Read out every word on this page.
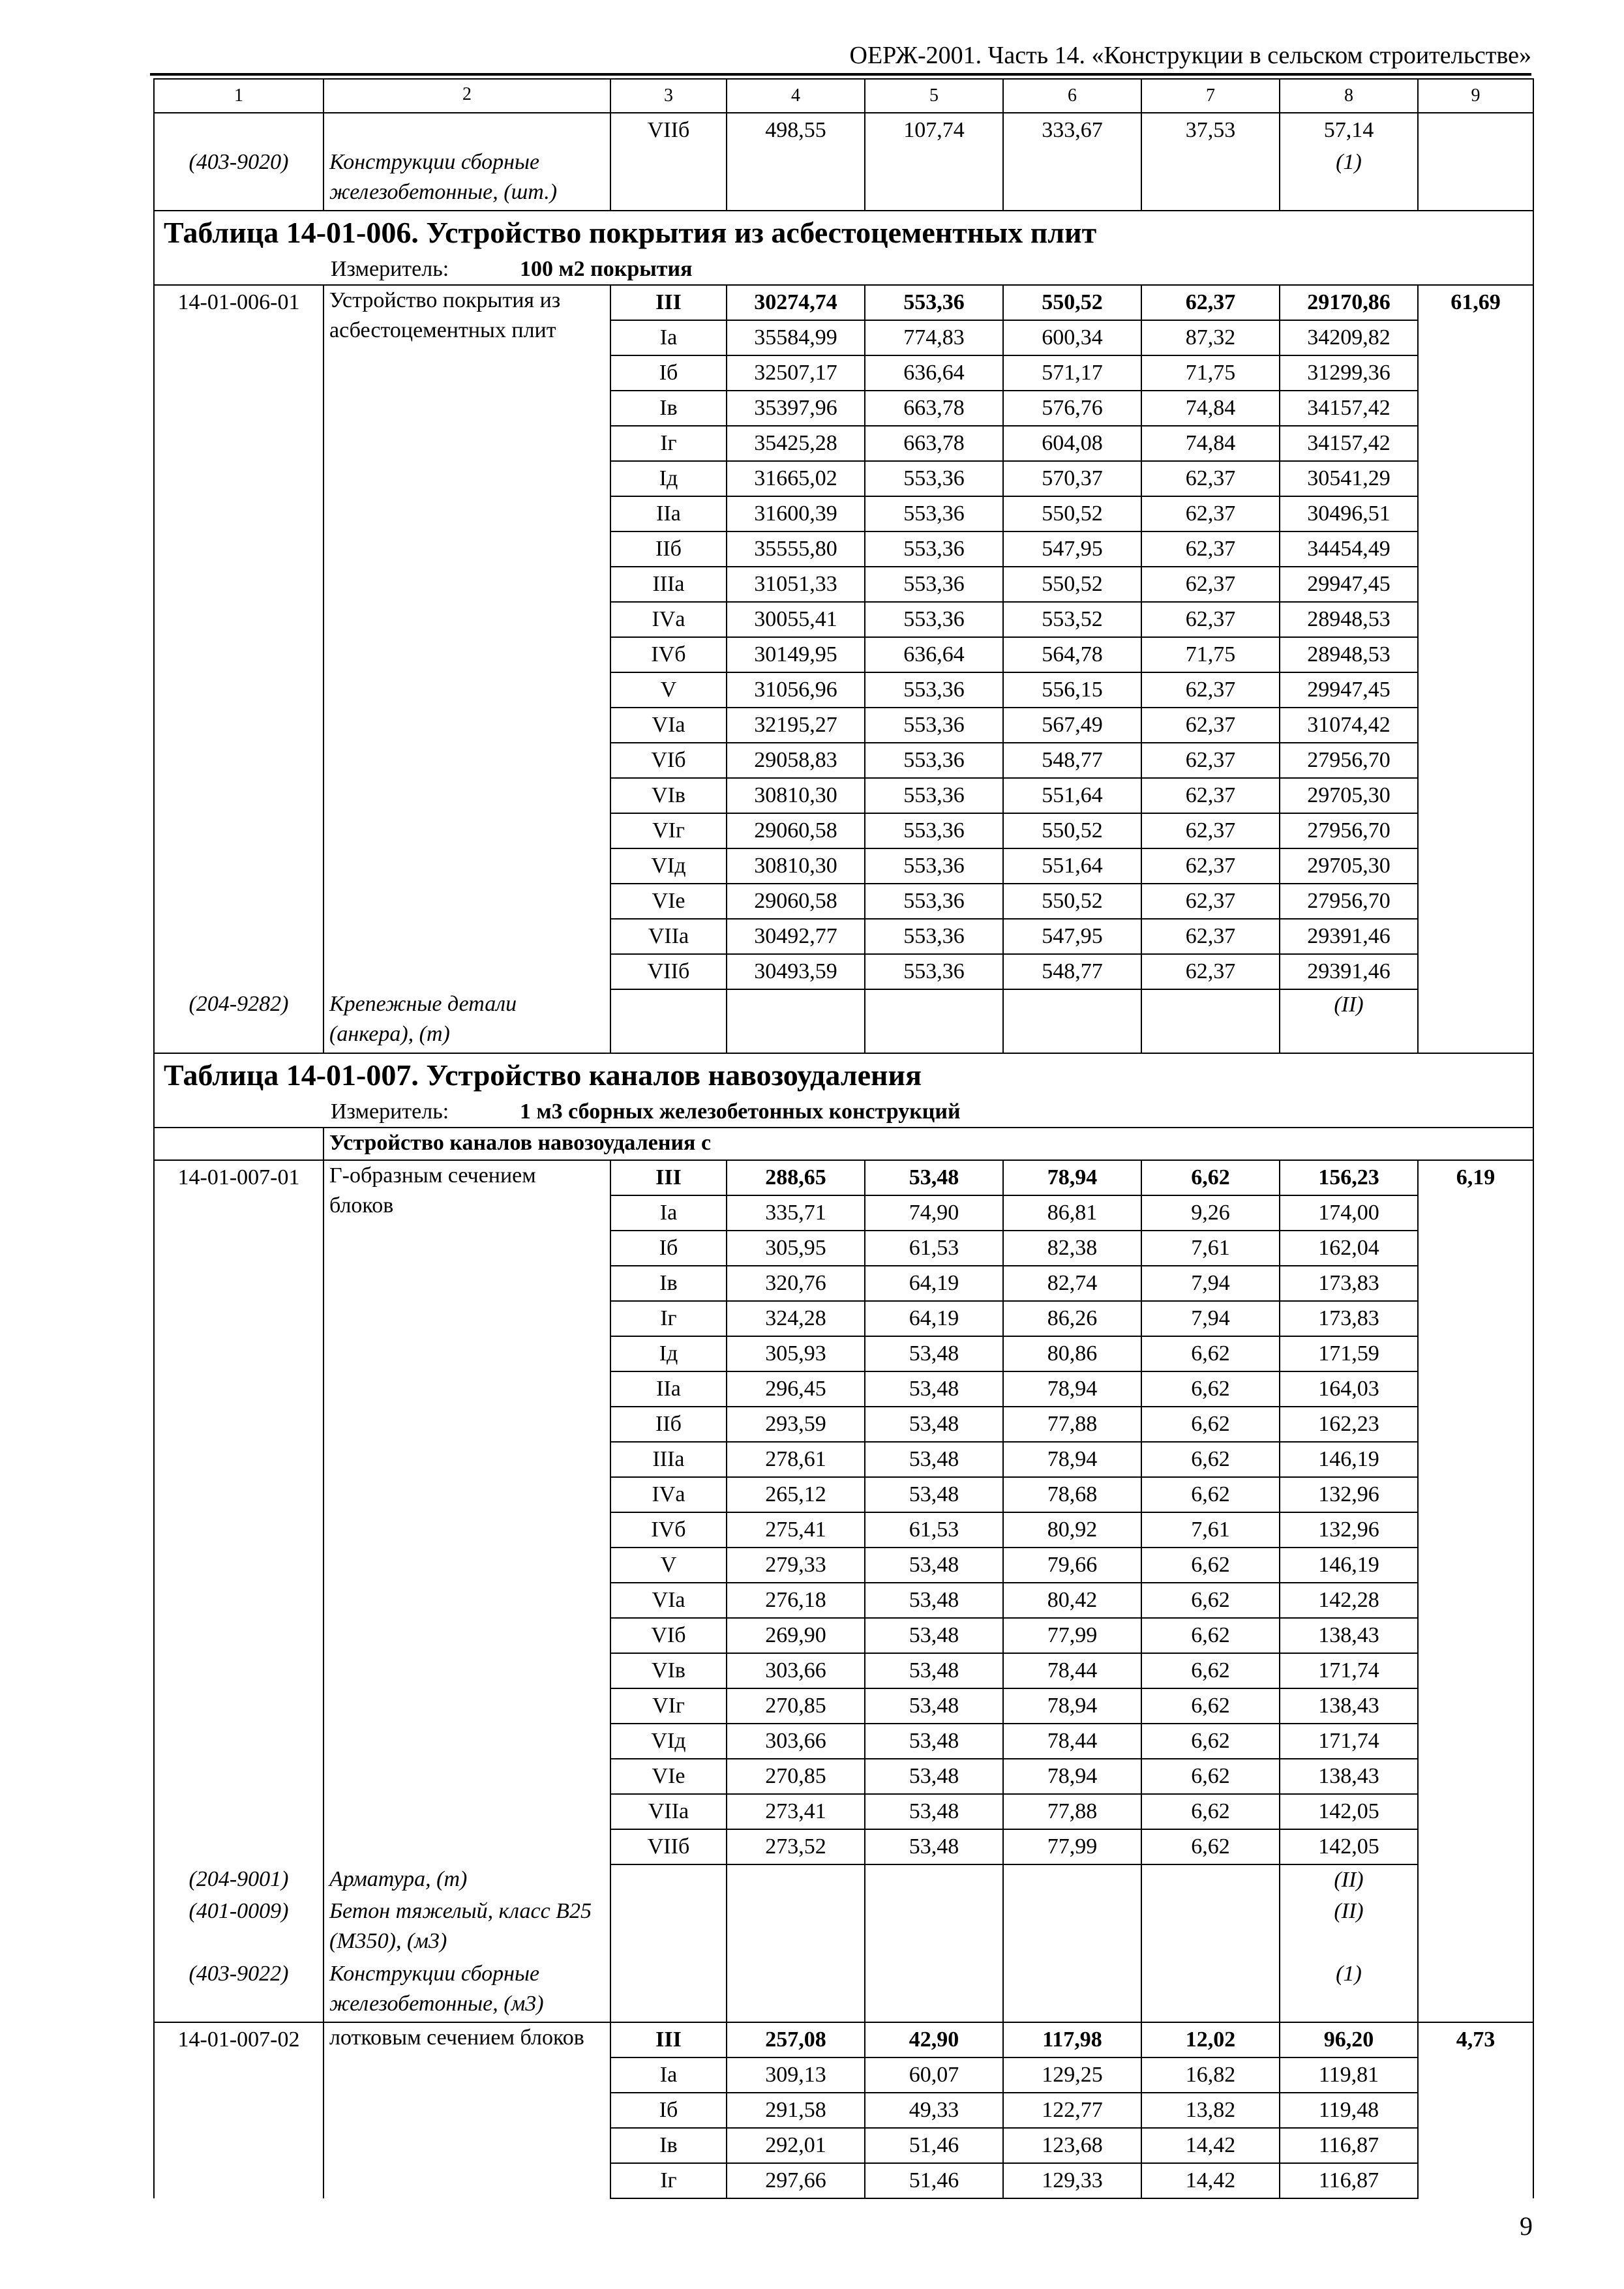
ОЕРЖ-2001. Часть 14. «Конструкции в сельском строительстве»
1	2	3	4	5	6	7	8	9
		VIIб	498,55	107,74	333,67	37,53	57,14	
(403-9020)	Конструкции сборные железобетонные, (шт.)						(1)	
Таблица 14-01-006. Устройство покрытия из асбестоцементных плит								
Измеритель: 100 м2 покрытия								
14-01-006-01	Устройство покрытия из асбестоцементных плит	III	30274,74	553,36	550,52	62,37	29170,86	61,69
		Iа	35584,99	774,83	600,34	87,32	34209,82	
		Iб	32507,17	636,64	571,17	71,75	31299,36	
		Iв	35397,96	663,78	576,76	74,84	34157,42	
		Iг	35425,28	663,78	604,08	74,84	34157,42	
		Iд	31665,02	553,36	570,37	62,37	30541,29	
		IIа	31600,39	553,36	550,52	62,37	30496,51	
		IIб	35555,80	553,36	547,95	62,37	34454,49	
		IIIа	31051,33	553,36	550,52	62,37	29947,45	
		IVа	30055,41	553,36	553,52	62,37	28948,53	
		IVб	30149,95	636,64	564,78	71,75	28948,53	
		V	31056,96	553,36	556,15	62,37	29947,45	
		VIа	32195,27	553,36	567,49	62,37	31074,42	
		VIб	29058,83	553,36	548,77	62,37	27956,70	
		VIв	30810,30	553,36	551,64	62,37	29705,30	
		VIг	29060,58	553,36	550,52	62,37	27956,70	
		VIд	30810,30	553,36	551,64	62,37	29705,30	
		VIе	29060,58	553,36	550,52	62,37	27956,70	
		VIIа	30492,77	553,36	547,95	62,37	29391,46	
		VIIб	30493,59	553,36	548,77	62,37	29391,46	
(204-9282)	Крепежные детали (анкера), (т)						(II)	
Таблица 14-01-007. Устройство каналов навозоудаления								
Измеритель: 1 м3 сборных железобетонных конструкций								
	Устройство каналов навозоудаления с							
14-01-007-01	Г-образным сечением блоков	III	288,65	53,48	78,94	6,62	156,23	6,19
		Iа	335,71	74,90	86,81	9,26	174,00	
		Iб	305,95	61,53	82,38	7,61	162,04	
		Iв	320,76	64,19	82,74	7,94	173,83	
		Iг	324,28	64,19	86,26	7,94	173,83	
		Iд	305,93	53,48	80,86	6,62	171,59	
		IIа	296,45	53,48	78,94	6,62	164,03	
		IIб	293,59	53,48	77,88	6,62	162,23	
		IIIа	278,61	53,48	78,94	6,62	146,19	
		IVа	265,12	53,48	78,68	6,62	132,96	
		IVб	275,41	61,53	80,92	7,61	132,96	
		V	279,33	53,48	79,66	6,62	146,19	
		VIа	276,18	53,48	80,42	6,62	142,28	
		VIб	269,90	53,48	77,99	6,62	138,43	
		VIв	303,66	53,48	78,44	6,62	171,74	
		VIг	270,85	53,48	78,94	6,62	138,43	
		VIд	303,66	53,48	78,44	6,62	171,74	
		VIе	270,85	53,48	78,94	6,62	138,43	
		VIIа	273,41	53,48	77,88	6,62	142,05	
		VIIб	273,52	53,48	77,99	6,62	142,05	
(204-9001)	Арматура, (т)						(II)	
(401-0009)	Бетон тяжелый, класс В25 (М350), (м3)						(II)	
(403-9022)	Конструкции сборные железобетонные, (м3)						(1)	
14-01-007-02	лотковым сечением блоков	III	257,08	42,90	117,98	12,02	96,20	4,73
		Iа	309,13	60,07	129,25	16,82	119,81	
		Iб	291,58	49,33	122,77	13,82	119,48	
		Iв	292,01	51,46	123,68	14,42	116,87	
		Iг	297,66	51,46	129,33	14,42	116,87	
9
